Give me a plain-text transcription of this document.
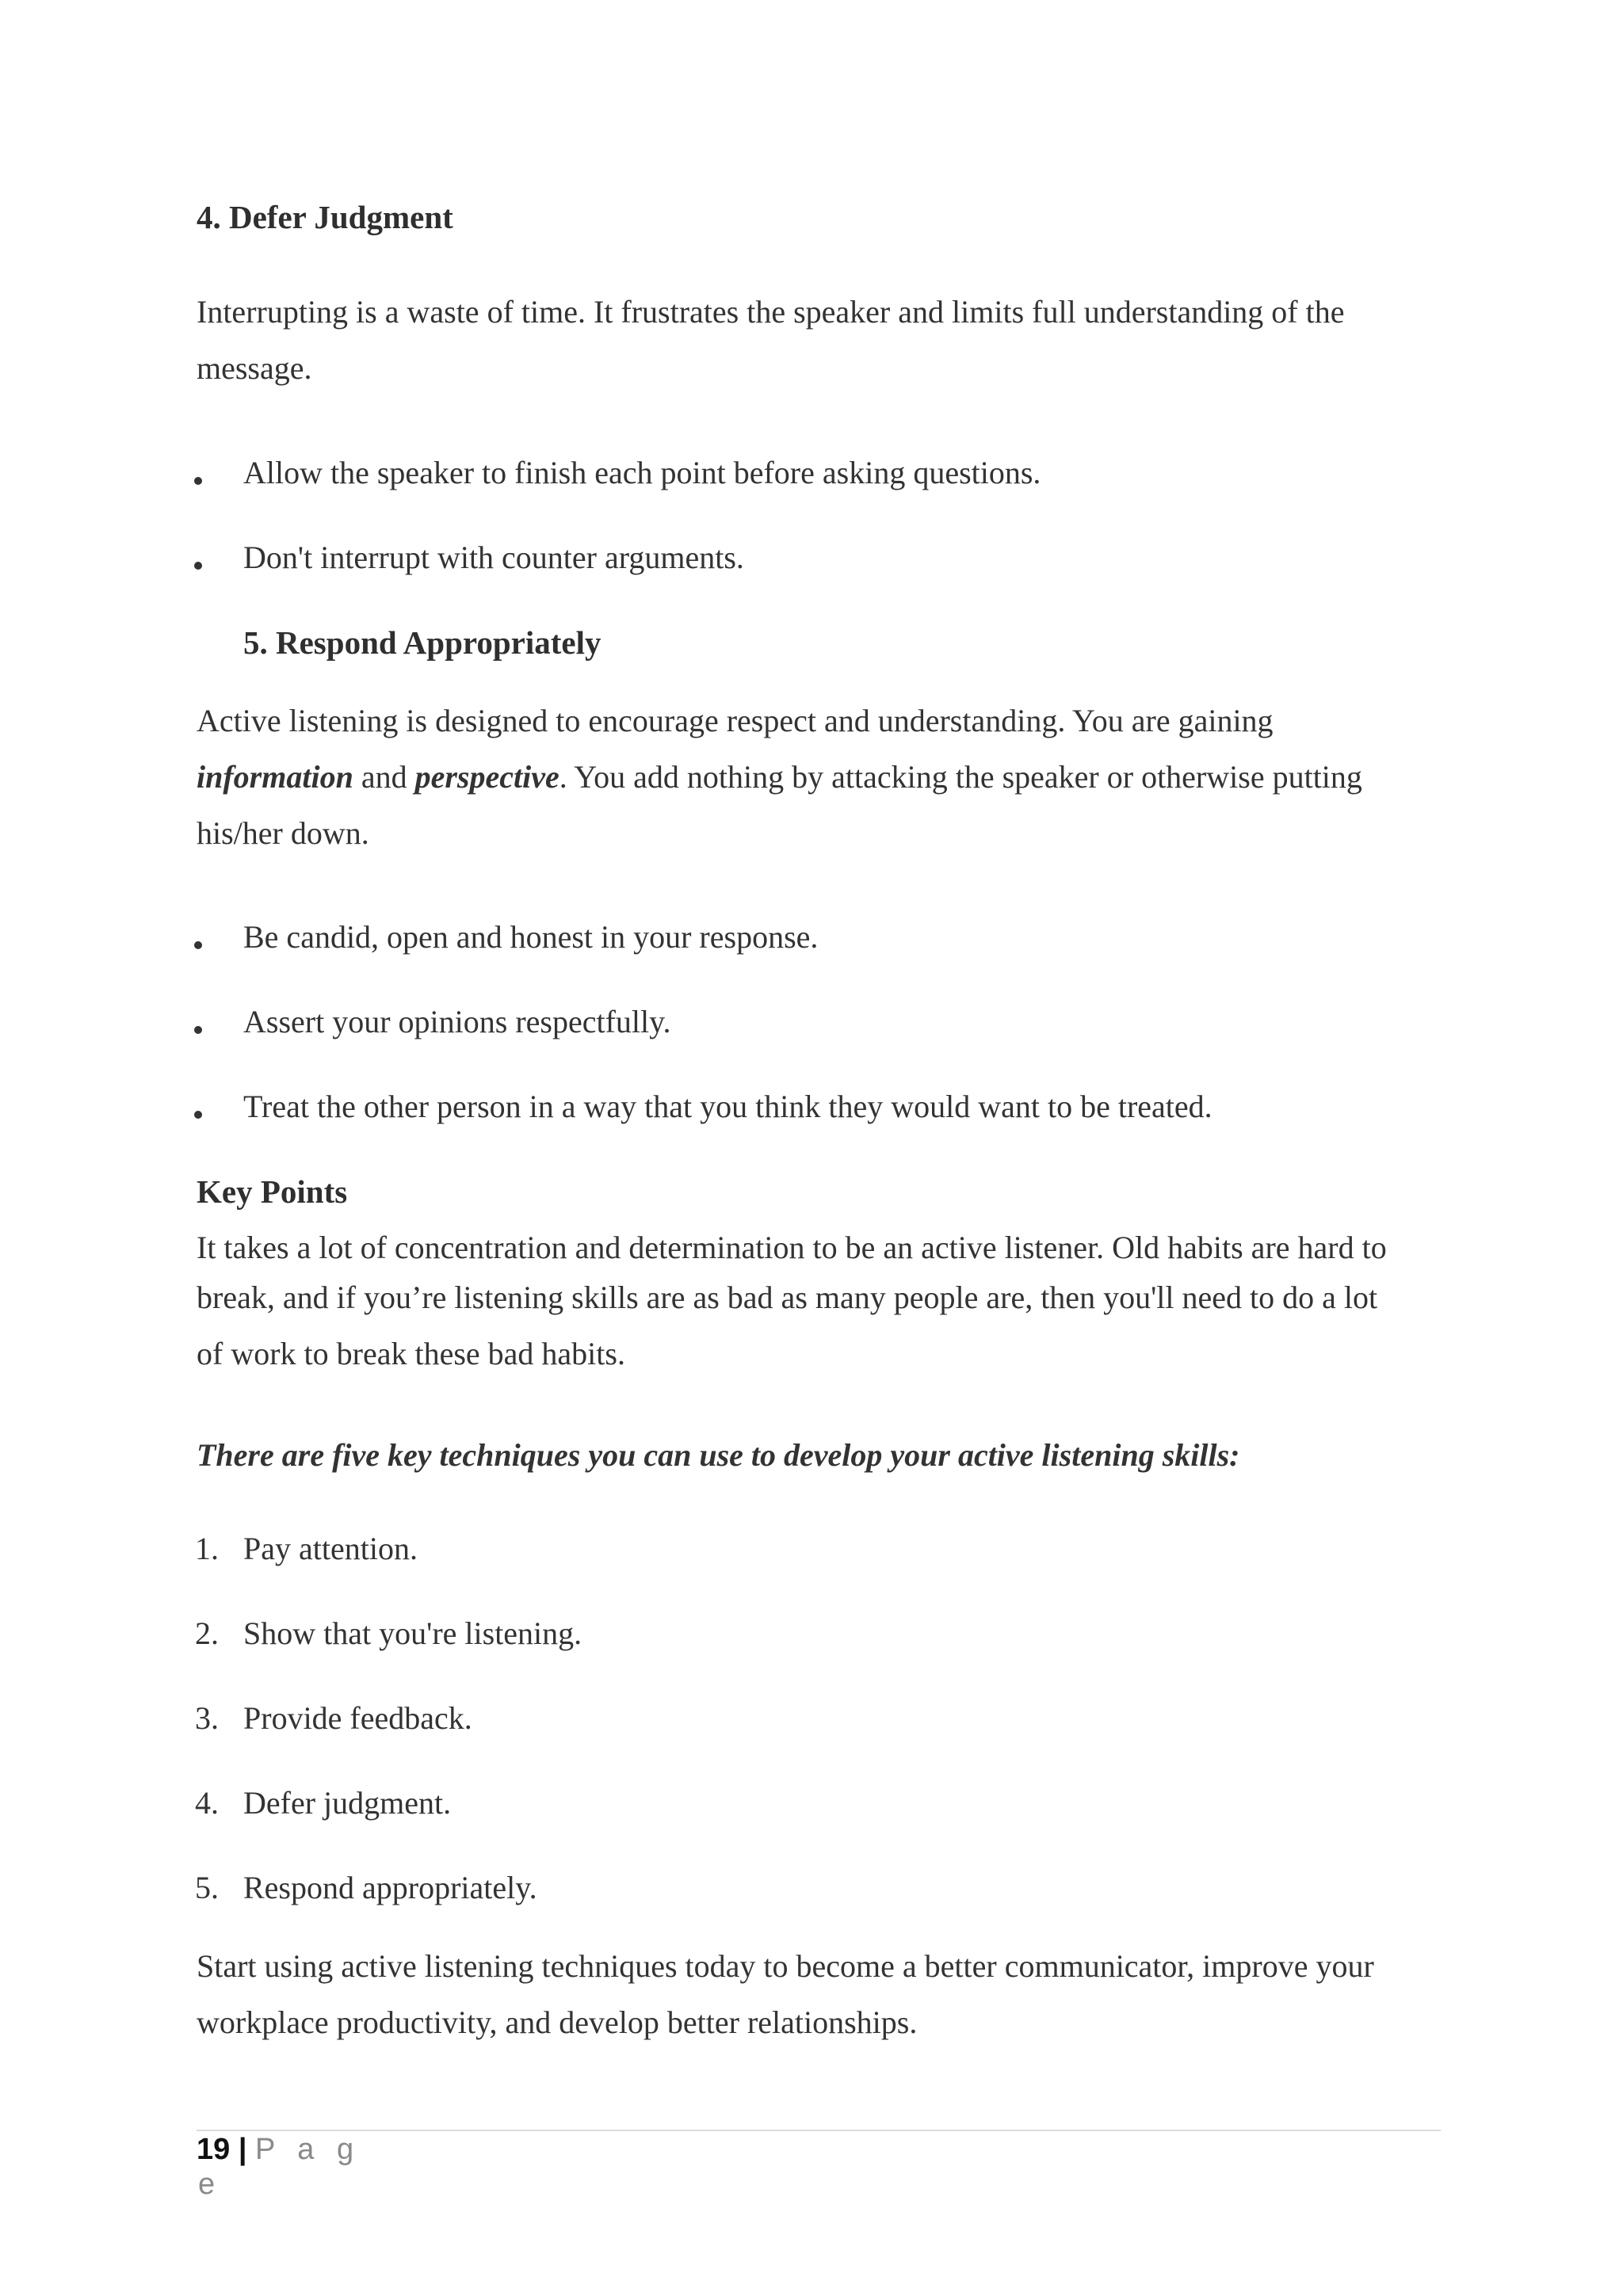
4. Defer Judgment
Interrupting is a waste of time. It frustrates the speaker and limits full understanding of the
message.
Allow the speaker to finish each point before asking questions.
Don't interrupt with counter arguments.
5. Respond Appropriately
Active listening is designed to encourage respect and understanding. You are gaining
information and perspective. You add nothing by attacking the speaker or otherwise putting
his/her down.
Be candid, open and honest in your response.
Assert your opinions respectfully.
Treat the other person in a way that you think they would want to be treated.
Key Points
It takes a lot of concentration and determination to be an active listener. Old habits are hard to
break, and if you’re listening skills are as bad as many people are, then you'll need to do a lot
of work to break these bad habits.
There are five key techniques you can use to develop your active listening skills:
1. Pay attention.
2. Show that you're listening.
3. Provide feedback.
4. Defer judgment.
5. Respond appropriately.
Start using active listening techniques today to become a better communicator, improve your
workplace productivity, and develop better relationships.
19 | P a g
e
